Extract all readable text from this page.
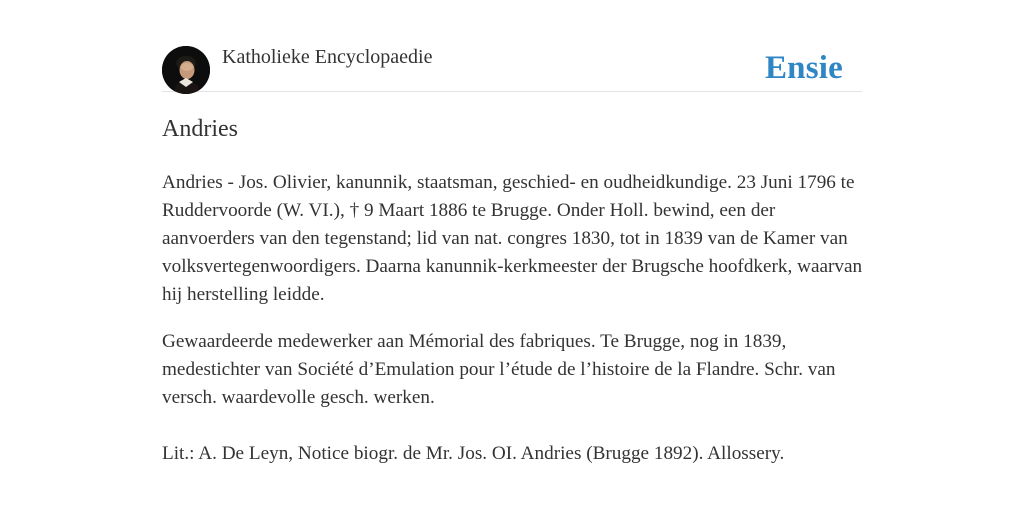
Katholieke Encyclopaedie	Ensie
Andries

Andries - Jos. Olivier, kanunnik, staatsman, geschied- en oudheidkundige. 23 Juni 1796 te Ruddervoorde (W. VI.), † 9 Maart 1886 te Brugge. Onder Holl. bewind, een der aanvoerders van den tegenstand; lid van nat. congres 1830, tot in 1839 van de Kamer van volksvertegenwoordigers. Daarna kanunnik-kerkmeester der Brugsche hoofdkerk, waarvan hij herstelling leidde.

Gewaardeerde medewerker aan Mémorial des fabriques. Te Brugge, nog in 1839, medestichter van Société d’Emulation pour l’étude de l’histoire de la Flandre. Schr. van versch. waardevolle gesch. werken.

Lit.: A. De Leyn, Notice biogr. de Mr. Jos. OI. Andries (Brugge 1892). Allossery.
